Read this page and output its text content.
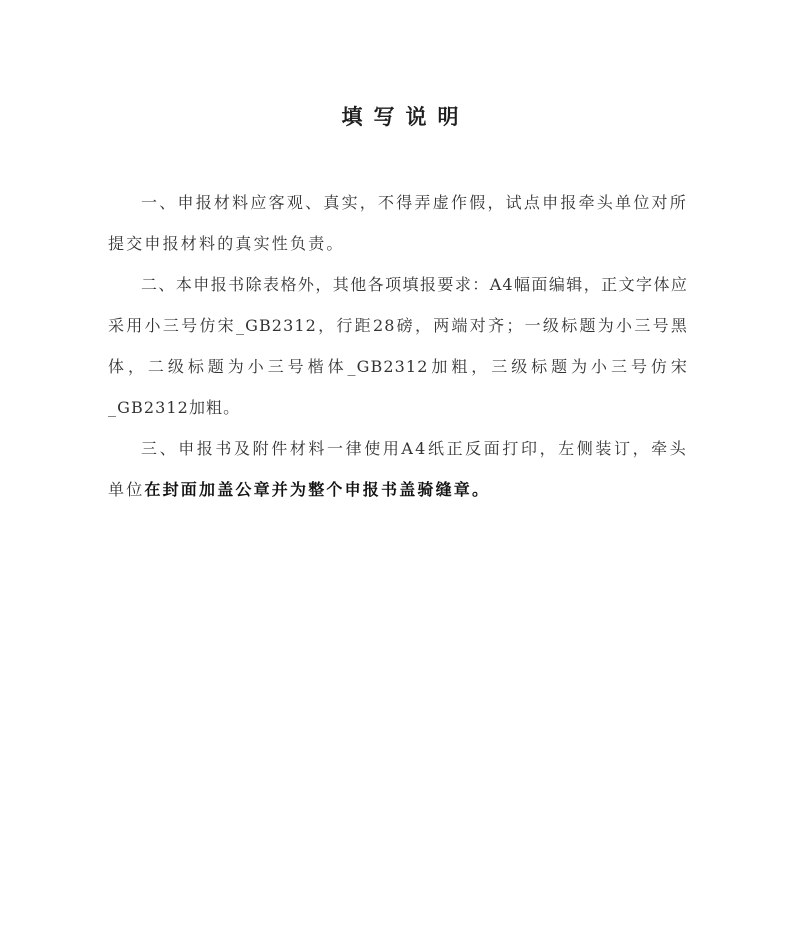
填写说明

一、申报材料应客观、真实，不得弄虚作假，试点申报牵头单位对所提交申报材料的真实性负责。

二、本申报书除表格外，其他各项填报要求：A4幅面编辑，正文字体应采用小三号仿宋_GB2312，行距28磅，两端对齐；一级标题为小三号黑体，二级标题为小三号楷体_GB2312加粗，三级标题为小三号仿宋_GB2312加粗。

三、申报书及附件材料一律使用A4纸正反面打印，左侧装订，牵头单位在封面加盖公章并为整个申报书盖骑缝章。
